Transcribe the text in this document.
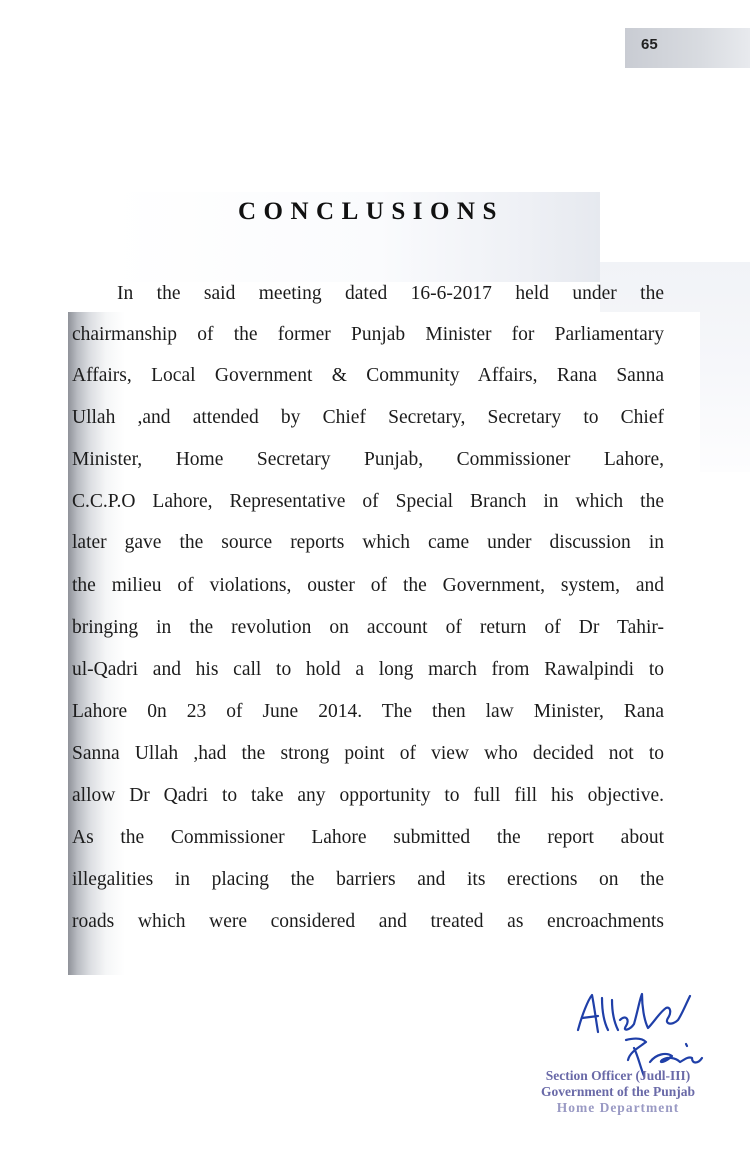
65
CONCLUSIONS
In the said meeting dated 16-6-2017 held under the
chairmanship of the former Punjab Minister for Parliamentary
Affairs, Local Government & Community Affairs, Rana Sanna
Ullah ,and attended by Chief Secretary, Secretary to Chief
Minister, Home Secretary Punjab, Commissioner Lahore,
C.C.P.O Lahore, Representative of Special Branch in which the
later gave the source reports which came under discussion in
the milieu of violations, ouster of the Government, system, and
bringing in the revolution on account of return of Dr Tahir-
ul-Qadri and his call to hold a long march from Rawalpindi to
Lahore 0n 23 of June 2014. The then law Minister, Rana
Sanna Ullah ,had the strong point of view who decided not to
allow Dr Qadri to take any opportunity to full fill his objective.
As the Commissioner Lahore submitted the report about
illegalities in placing the barriers and its erections on the
roads which were considered and treated as encroachments
Section Officer (Judl-III)
Government of the Punjab
Home Department
